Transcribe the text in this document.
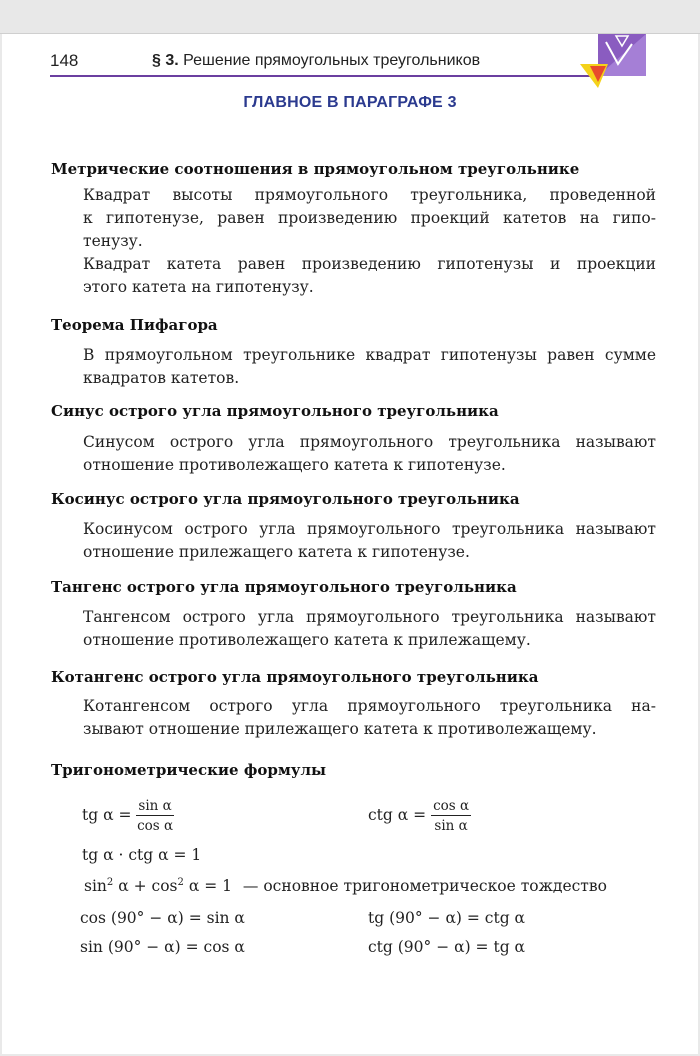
148	§ 3. Решение прямоугольных треугольников
ГЛАВНОЕ В ПАРАГРАФЕ 3
Метрические соотношения в прямоугольном треугольнике
Квадрат высоты прямоугольного треугольника, проведенной
к гипотенузе, равен произведению проекций катетов на гипо-
тенузу.
Квадрат катета равен произведению гипотенузы и проекции
этого катета на гипотенузу.
Теорема Пифагора
В прямоугольном треугольнике квадрат гипотенузы равен сумме
квадратов катетов.
Синус острого угла прямоугольного треугольника
Синусом острого угла прямоугольного треугольника называют
отношение противолежащего катета к гипотенузе.
Косинус острого угла прямоугольного треугольника
Косинусом острого угла прямоугольного треугольника называют
отношение прилежащего катета к гипотенузе.
Тангенс острого угла прямоугольного треугольника
Тангенсом острого угла прямоугольного треугольника называют
отношение противолежащего катета к прилежащему.
Котангенс острого угла прямоугольного треугольника
Котангенсом острого угла прямоугольного треугольника на-
зывают отношение прилежащего катета к противолежащему.
Тригонометрические формулы
tg $\alpha = \frac{\text{sin α}}{\text{cos α}}$	ctg $\alpha = \frac{\text{cos α}}{\text{sin α}}$
tg α · ctg α = 1
$\sin^2 \alpha + \cos^2 \alpha = 1$ — основное тригонометрическое тождество
cos (90° − α) = sin α	tg (90° − α) = ctg α
sin (90° − α) = cos α	ctg (90° − α) = tg α
